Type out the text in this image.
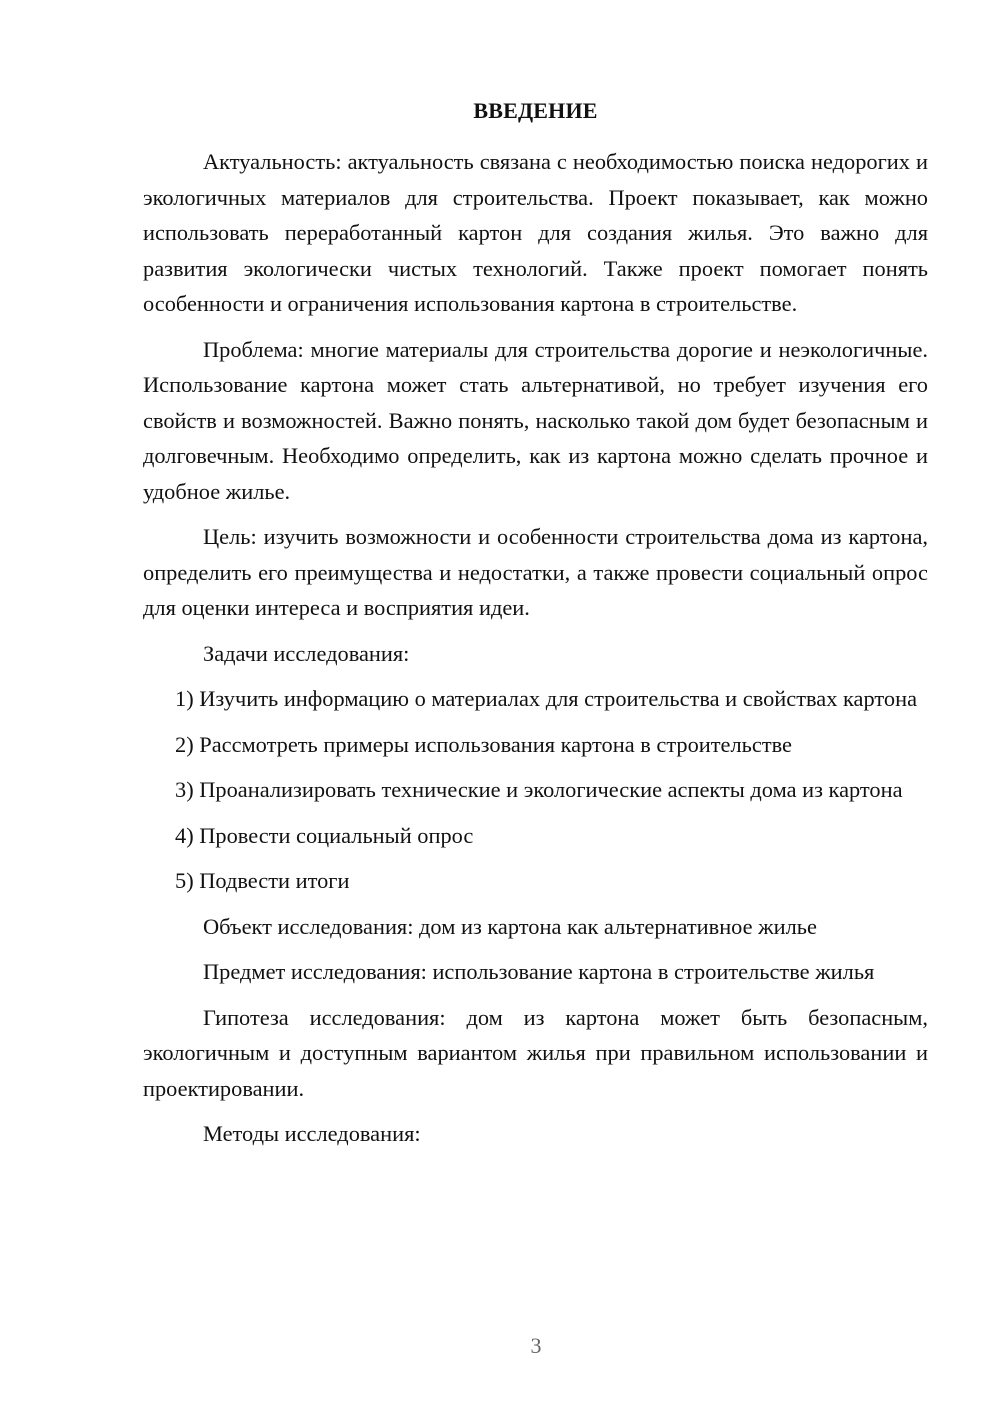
ВВЕДЕНИЕ

Актуальность: актуальность связана с необходимостью поиска недорогих и экологичных материалов для строительства. Проект показывает, как можно использовать переработанный картон для создания жилья. Это важно для развития экологически чистых технологий. Также проект помогает понять особенности и ограничения использования картона в строительстве.

Проблема: многие материалы для строительства дорогие и неэкологичные. Использование картона может стать альтернативой, но требует изучения его свойств и возможностей. Важно понять, насколько такой дом будет безопасным и долговечным. Необходимо определить, как из картона можно сделать прочное и удобное жилье.

Цель: изучить возможности и особенности строительства дома из картона, определить его преимущества и недостатки, а также провести социальный опрос для оценки интереса и восприятия идеи.

Задачи исследования:

1) Изучить информацию о материалах для строительства и свойствах картона

2) Рассмотреть примеры использования картона в строительстве

3) Проанализировать технические и экологические аспекты дома из картона

4) Провести социальный опрос

5) Подвести итоги

Объект исследования: дом из картона как альтернативное жилье

Предмет исследования: использование картона в строительстве жилья

Гипотеза исследования: дом из картона может быть безопасным, экологичным и доступным вариантом жилья при правильном использовании и проектировании.

Методы исследования:

3
